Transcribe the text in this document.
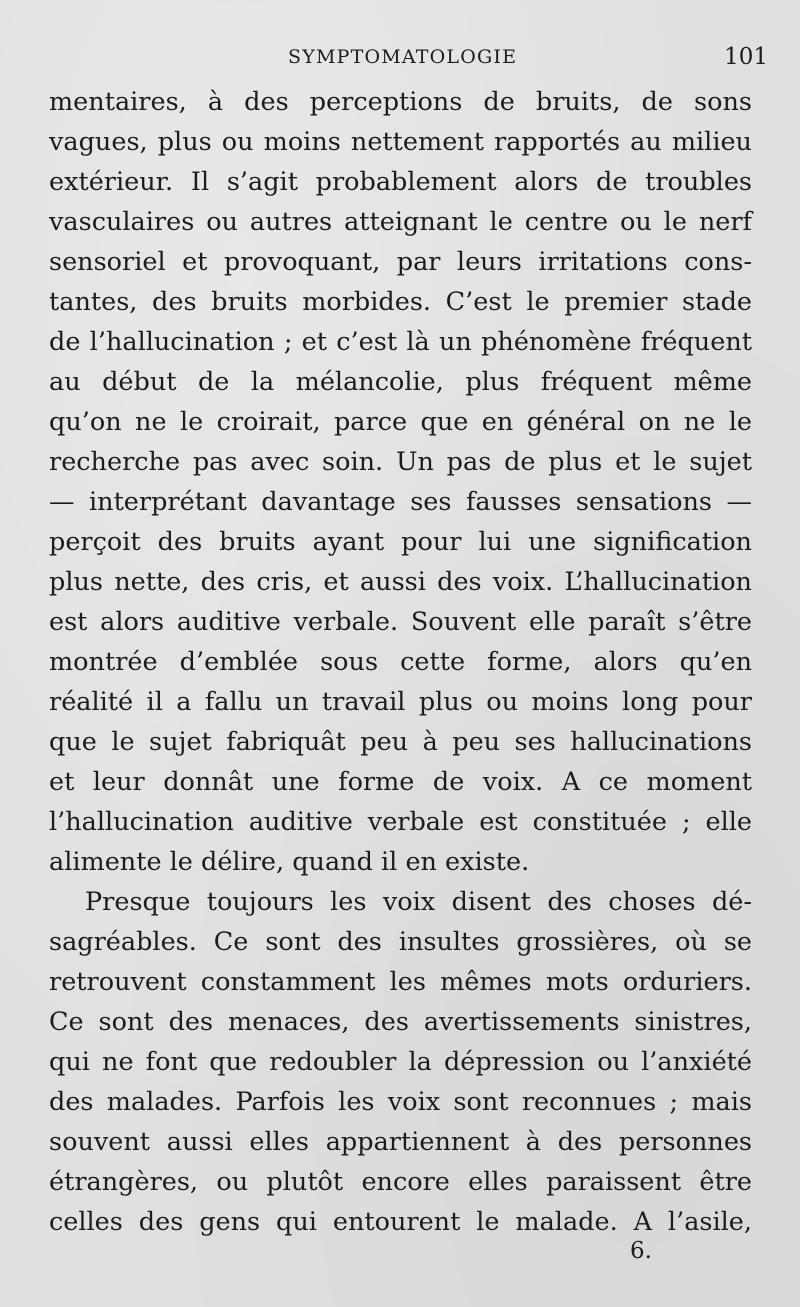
SYMPTOMATOLOGIE	101
mentaires, à des perceptions de bruits, de sons
vagues, plus ou moins nettement rapportés au milieu
extérieur. Il s’agit probablement alors de troubles
vasculaires ou autres atteignant le centre ou le nerf
sensoriel et provoquant, par leurs irritations cons-
tantes, des bruits morbides. C’est le premier stade
de l’hallucination ; et c’est là un phénomène fréquent
au début de la mélancolie, plus fréquent même
qu’on ne le croirait, parce que en général on ne le
recherche pas avec soin. Un pas de plus et le sujet
— interprétant davantage ses fausses sensations —
perçoit des bruits ayant pour lui une signification
plus nette, des cris, et aussi des voix. L’hallucination
est alors auditive verbale. Souvent elle paraît s’être
montrée d’emblée sous cette forme, alors qu’en
réalité il a fallu un travail plus ou moins long pour
que le sujet fabriquât peu à peu ses hallucinations
et leur donnât une forme de voix. A ce moment
l’hallucination auditive verbale est constituée ; elle
alimente le délire, quand il en existe.
Presque toujours les voix disent des choses dé-
sagréables. Ce sont des insultes grossières, où se
retrouvent constamment les mêmes mots orduriers.
Ce sont des menaces, des avertissements sinistres,
qui ne font que redoubler la dépression ou l’anxiété
des malades. Parfois les voix sont reconnues ; mais
souvent aussi elles appartiennent à des personnes
étrangères, ou plutôt encore elles paraissent être
celles des gens qui entourent le malade. A l’asile,
6.
